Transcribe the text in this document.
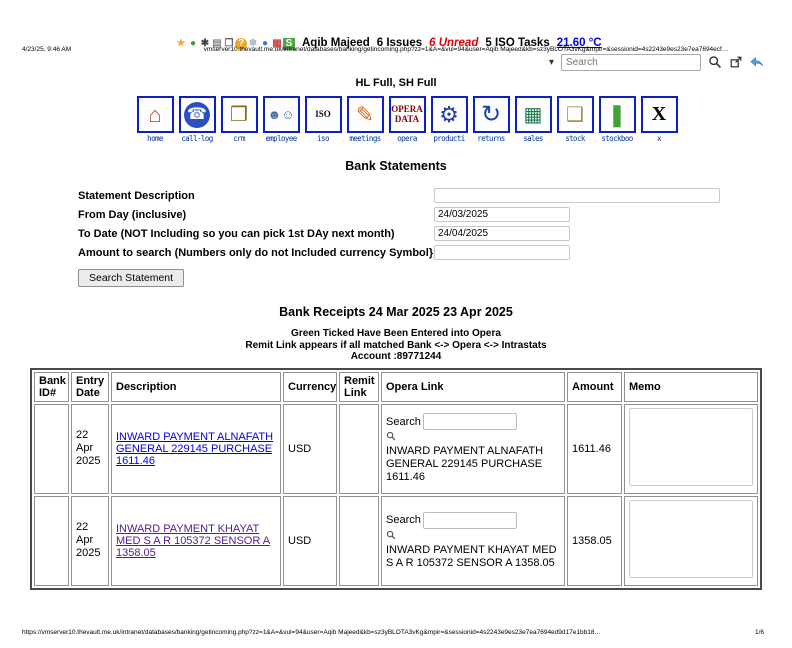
4/23/25, 9:46 AM	vmserver10.thevault.me.uk/intranet/databases/banking/getincoming.php?zz=1&A=&vul=94&user=Aqib Majeed&kb=sz3yBLOTA3vKg&mpir=&sessionid=4s2243e9es23e7ea7694ecf…
★ ● ✱ ▤ ❐ ? ❄ ● ▦ S Aqib Majeed 6 Issues 6 Unread 5 ISO Tasks 21.60 °C
▾
Search
HL Full, SH Full
⌂
home
☎
call-log
❒
crm
☻☺
employee
ISO
iso
✎
meetings
OPERA DATA
opera
⚙
producti
↻
returns
▦
sales
❑
stock
❚
stockboo
X
x
Bank Statements
Statement Description
From Day (inclusive)
24/03/2025
To Date (NOT Including so you can pick 1st DAy next month)
24/04/2025
Amount to search (Numbers only do not Included currency Symbol}
Search Statement
Bank Receipts 24 Mar 2025 23 Apr 2025
Green Ticked Have Been Entered into Opera
Remit Link appears if all matched Bank <-> Opera <-> Intrastats
Account :89771244
Bank ID#	Entry Date	Description	Currency	Remit Link	Opera Link	Amount	Memo
	22 Apr 2025	INWARD PAYMENT ALNAFATH GENERAL 229145 PURCHASE 1611.46	USD		Search
INWARD PAYMENT ALNAFATH GENERAL 229145 PURCHASE 1611.46	1611.46	
	22 Apr 2025	INWARD PAYMENT KHAYAT MED S A R 105372 SENSOR A 1358.05	USD		Search
INWARD PAYMENT KHAYAT MED S A R 105372 SENSOR A 1358.05	1358.05	
https://vmserver10.thevault.me.uk/intranet/databases/banking/getincoming.php?zz=1&A=&vul=94&user=Aqib Majeed&kb=sz3yBLOTA3vKg&mpir=&sessionid=4s2243e9es23e7ea7694ed9d17e1bb18…	1/6
